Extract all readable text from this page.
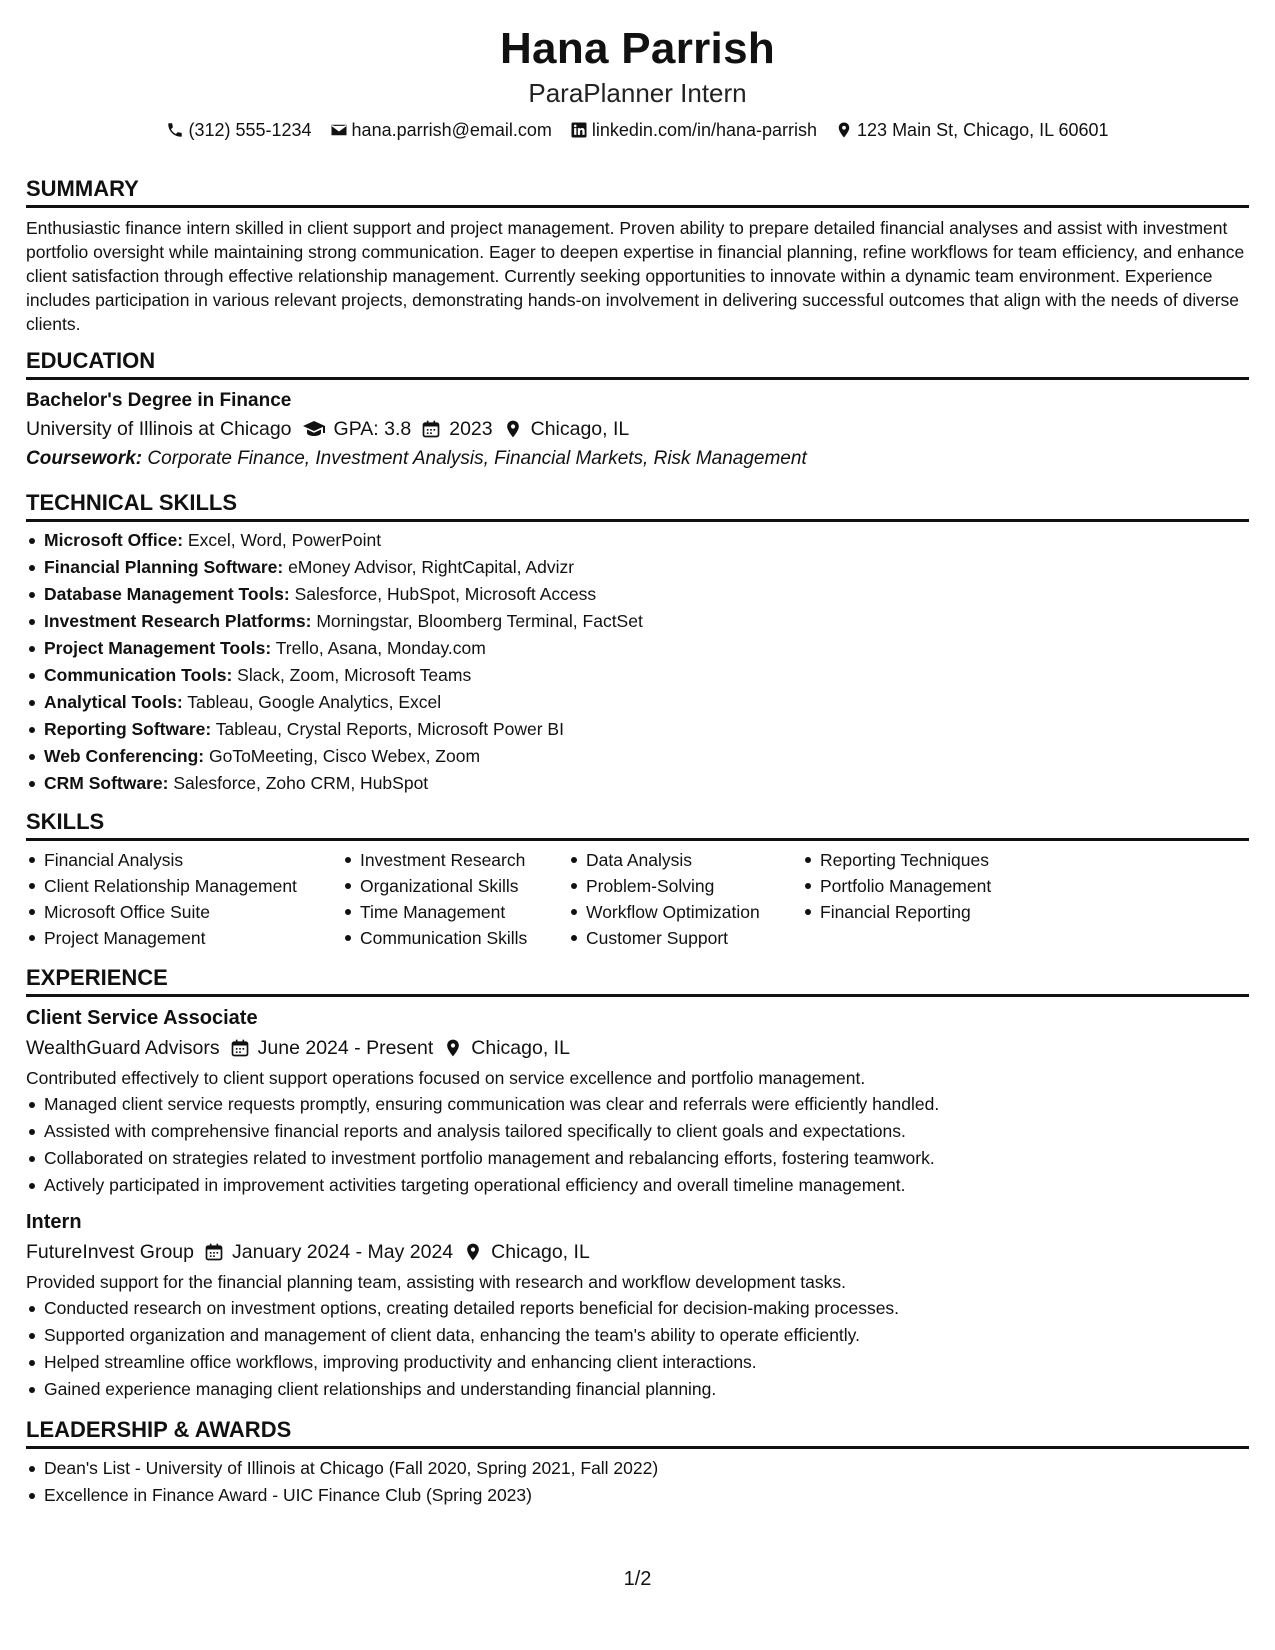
Hana Parrish
ParaPlanner Intern
(312) 555-1234 hana.parrish@email.com linkedin.com/in/hana-parrish 123 Main St, Chicago, IL 60601
SUMMARY

Enthusiastic finance intern skilled in client support and project management. Proven ability to prepare detailed financial analyses and assist with investment portfolio oversight while maintaining strong communication. Eager to deepen expertise in financial planning, refine workflows for team efficiency, and enhance client satisfaction through effective relationship management. Currently seeking opportunities to innovate within a dynamic team environment. Experience includes participation in various relevant projects, demonstrating hands-on involvement in delivering successful outcomes that align with the needs of diverse clients.

EDUCATION
Bachelor's Degree in Finance
University of Illinois at Chicago GPA: 3.8 2023 Chicago, IL
Coursework: Corporate Finance, Investment Analysis, Financial Markets, Risk Management
TECHNICAL SKILLS
Microsoft Office: Excel, Word, PowerPoint
Financial Planning Software: eMoney Advisor, RightCapital, Advizr
Database Management Tools: Salesforce, HubSpot, Microsoft Access
Investment Research Platforms: Morningstar, Bloomberg Terminal, FactSet
Project Management Tools: Trello, Asana, Monday.com
Communication Tools: Slack, Zoom, Microsoft Teams
Analytical Tools: Tableau, Google Analytics, Excel
Reporting Software: Tableau, Crystal Reports, Microsoft Power BI
Web Conferencing: GoToMeeting, Cisco Webex, Zoom
CRM Software: Salesforce, Zoho CRM, HubSpot
SKILLS
Financial Analysis
Client Relationship Management
Microsoft Office Suite
Project Management
Investment Research
Organizational Skills
Time Management
Communication Skills
Data Analysis
Problem-Solving
Workflow Optimization
Customer Support
Reporting Techniques
Portfolio Management
Financial Reporting
EXPERIENCE
Client Service Associate
WealthGuard Advisors June 2024 - Present Chicago, IL
Contributed effectively to client support operations focused on service excellence and portfolio management.
Managed client service requests promptly, ensuring communication was clear and referrals were efficiently handled.
Assisted with comprehensive financial reports and analysis tailored specifically to client goals and expectations.
Collaborated on strategies related to investment portfolio management and rebalancing efforts, fostering teamwork.
Actively participated in improvement activities targeting operational efficiency and overall timeline management.
Intern
FutureInvest Group January 2024 - May 2024 Chicago, IL
Provided support for the financial planning team, assisting with research and workflow development tasks.
Conducted research on investment options, creating detailed reports beneficial for decision-making processes.
Supported organization and management of client data, enhancing the team's ability to operate efficiently.
Helped streamline office workflows, improving productivity and enhancing client interactions.
Gained experience managing client relationships and understanding financial planning.
LEADERSHIP & AWARDS
Dean's List - University of Illinois at Chicago (Fall 2020, Spring 2021, Fall 2022)
Excellence in Finance Award - UIC Finance Club (Spring 2023)
1/2
